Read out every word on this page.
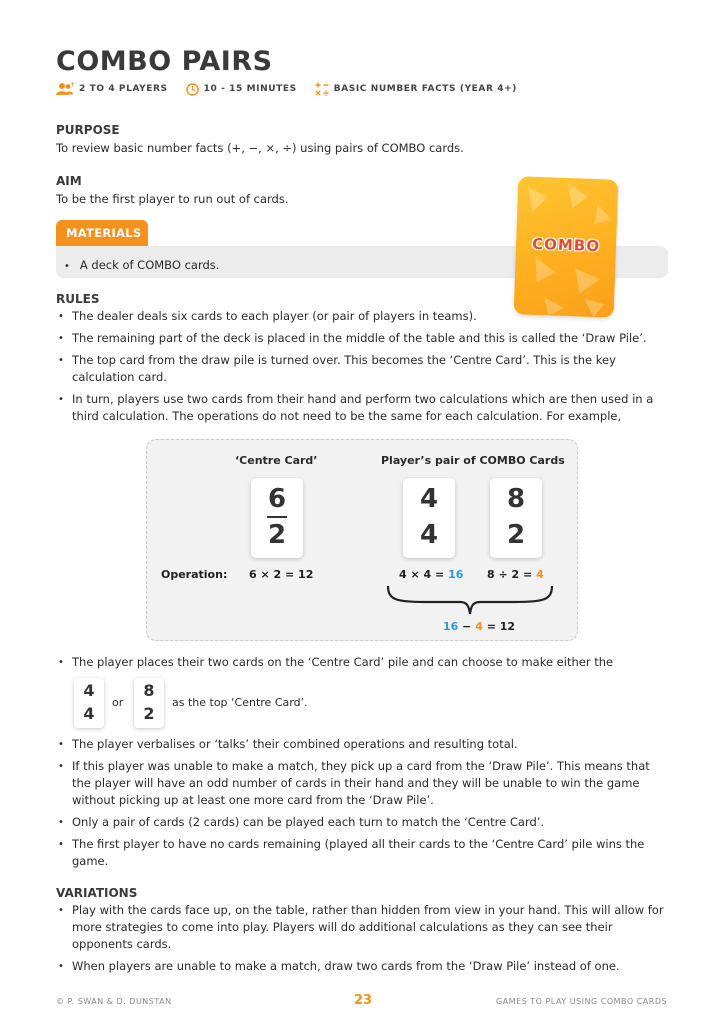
COMBO PAIRS
+ 2 TO 4 PLAYERS	10 - 15 MINUTES	BASIC NUMBER FACTS (YEAR 4+)
PURPOSE
To review basic number facts (+, −, ×, ÷) using pairs of COMBO cards.
AIM
To be the first player to run out of cards.
MATERIALS
• A deck of COMBO cards.
COMBO
RULES
• The dealer deals six cards to each player (or pair of players in teams).
• The remaining part of the deck is placed in the middle of the table and this is called the ‘Draw Pile’.
• The top card from the draw pile is turned over. This becomes the ‘Centre Card’. This is the key calculation card.
• In turn, players use two cards from their hand and perform two calculations which are then used in a third calculation. The operations do not need to be the same for each calculation. For example,
‘Centre Card’	Player’s pair of COMBO Cards
6
2
4
4
8
2
Operation: 6 × 2 = 12	4 × 4 = 16 8 ÷ 2 = 4
16 − 4 = 12
• The player places their two cards on the ‘Centre Card’ pile and can choose to make either the
4
4
or
8
2
as the top ‘Centre Card’.
• The player verbalises or ‘talks’ their combined operations and resulting total.
• If this player was unable to make a match, they pick up a card from the ‘Draw Pile’. This means that the player will have an odd number of cards in their hand and they will be unable to win the game without picking up at least one more card from the ‘Draw Pile’.
• Only a pair of cards (2 cards) can be played each turn to match the ‘Centre Card’.
• The first player to have no cards remaining (played all their cards to the ‘Centre Card’ pile wins the game.
VARIATIONS
• Play with the cards face up, on the table, rather than hidden from view in your hand. This will allow for more strategies to come into play. Players will do additional calculations as they can see their opponents cards.
• When players are unable to make a match, draw two cards from the ‘Draw Pile’ instead of one.
© P. SWAN & D. DUNSTAN	23	GAMES TO PLAY USING COMBO CARDS
